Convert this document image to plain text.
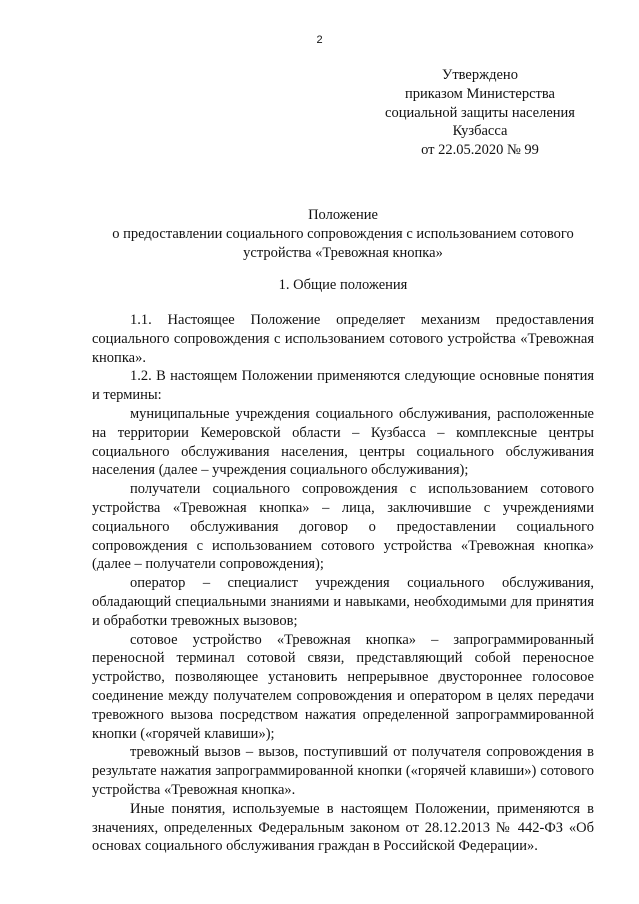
2
Утверждено
приказом Министерства
социальной защиты населения
Кузбасса
от 22.05.2020 № 99
Положение
о предоставлении социального сопровождения с использованием сотового устройства «Тревожная кнопка»
1. Общие положения

1.1. Настоящее Положение определяет механизм предоставления социального сопровождения с использованием сотового устройства «Тревожная кнопка».

1.2. В настоящем Положении применяются следующие основные понятия и термины:

муниципальные учреждения социального обслуживания, расположенные на территории Кемеровской области – Кузбасса – комплексные центры социального обслуживания населения, центры социального обслуживания населения (далее – учреждения социального обслуживания);

получатели социального сопровождения с использованием сотового устройства «Тревожная кнопка» – лица, заключившие с учреждениями социального обслуживания договор о предоставлении социального сопровождения с использованием сотового устройства «Тревожная кнопка» (далее – получатели сопровождения);

оператор – специалист учреждения социального обслуживания, обладающий специальными знаниями и навыками, необходимыми для принятия и обработки тревожных вызовов;

сотовое устройство «Тревожная кнопка» – запрограммированный переносной терминал сотовой связи, представляющий собой переносное устройство, позволяющее установить непрерывное двустороннее голосовое соединение между получателем сопровождения и оператором в целях передачи тревожного вызова посредством нажатия определенной запрограммированной кнопки («горячей клавиши»);

тревожный вызов – вызов, поступивший от получателя сопровождения в результате нажатия запрограммированной кнопки («горячей клавиши») сотового устройства «Тревожная кнопка».

Иные понятия, используемые в настоящем Положении, применяются в значениях, определенных Федеральным законом от 28.12.2013 № 442-ФЗ «Об основах социального обслуживания граждан в Российской Федерации».
